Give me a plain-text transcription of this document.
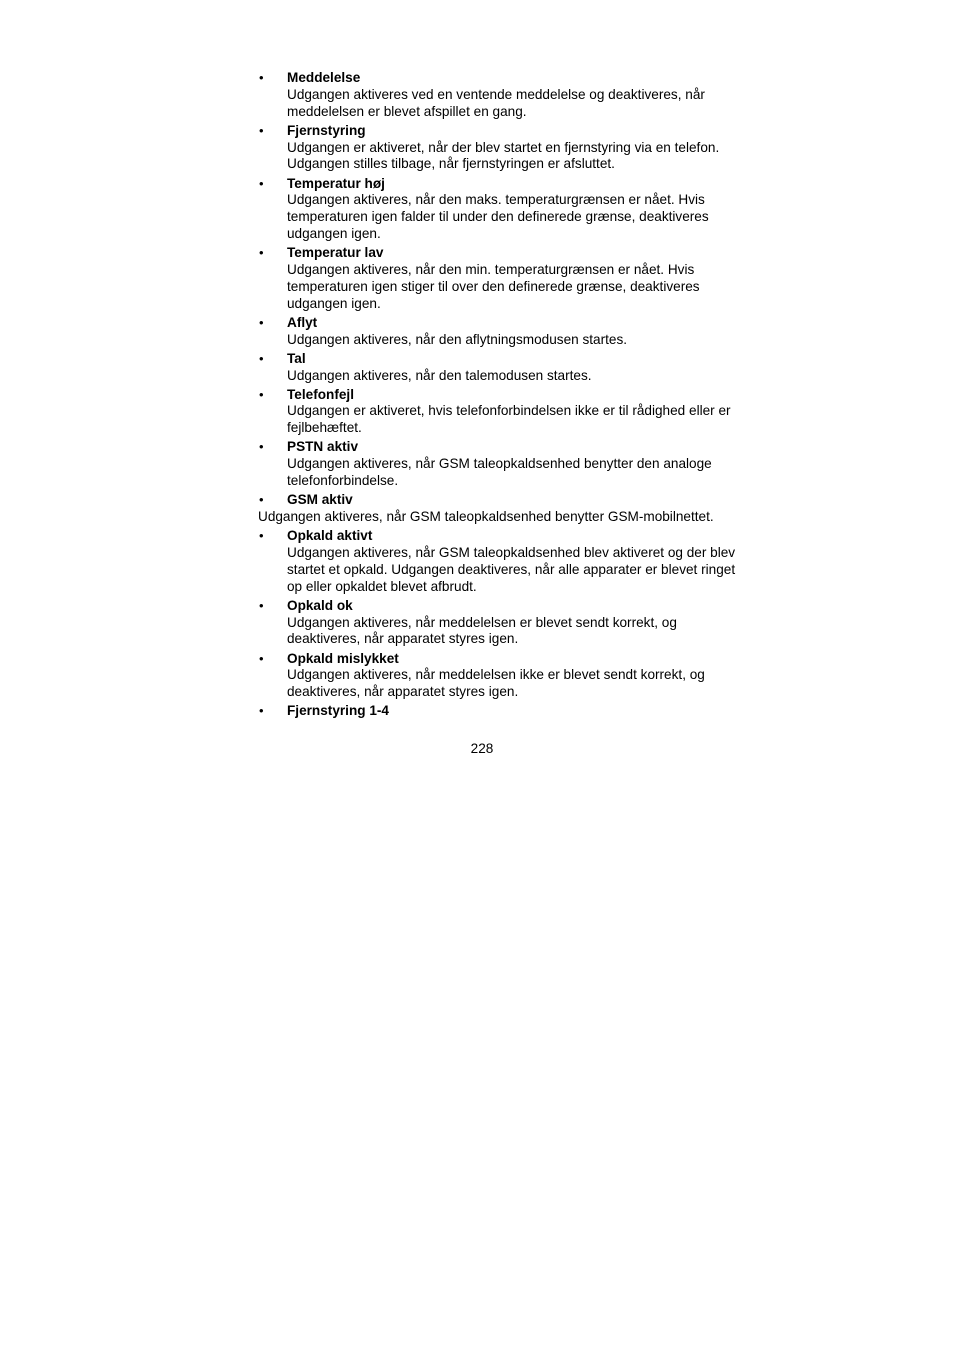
• Meddelelse
Udgangen aktiveres ved en ventende meddelelse og deaktiveres, når meddelelsen er blevet afspillet en gang.
• Fjernstyring
Udgangen er aktiveret, når der blev startet en fjernstyring via en telefon. Udgangen stilles tilbage, når fjernstyringen er afsluttet.
• Temperatur høj
Udgangen aktiveres, når den maks. temperaturgrænsen er nået. Hvis temperaturen igen falder til under den definerede grænse, deaktiveres udgangen igen.
• Temperatur lav
Udgangen aktiveres, når den min. temperaturgrænsen er nået. Hvis temperaturen igen stiger til over den definerede grænse, deaktiveres udgangen igen.
• Aflyt
Udgangen aktiveres, når den aflytningsmodusen startes.
• Tal
Udgangen aktiveres, når den talemodusen startes.
• Telefonfejl
Udgangen er aktiveret, hvis telefonforbindelsen ikke er til rådighed eller er fejlbehæftet.
• PSTN aktiv
Udgangen aktiveres, når GSM taleopkaldsenhed benytter den analoge telefonforbindelse.
• GSM aktiv
Udgangen aktiveres, når GSM taleopkaldsenhed benytter GSM-mobilnettet.
• Opkald aktivt
Udgangen aktiveres, når GSM taleopkaldsenhed blev aktiveret og der blev startet et opkald. Udgangen deaktiveres, når alle apparater er blevet ringet op eller opkaldet blevet afbrudt.
• Opkald ok
Udgangen aktiveres, når meddelelsen er blevet sendt korrekt, og deaktiveres, når apparatet styres igen.
• Opkald mislykket
Udgangen aktiveres, når meddelelsen ikke er blevet sendt korrekt, og deaktiveres, når apparatet styres igen.
• Fjernstyring 1-4
228
